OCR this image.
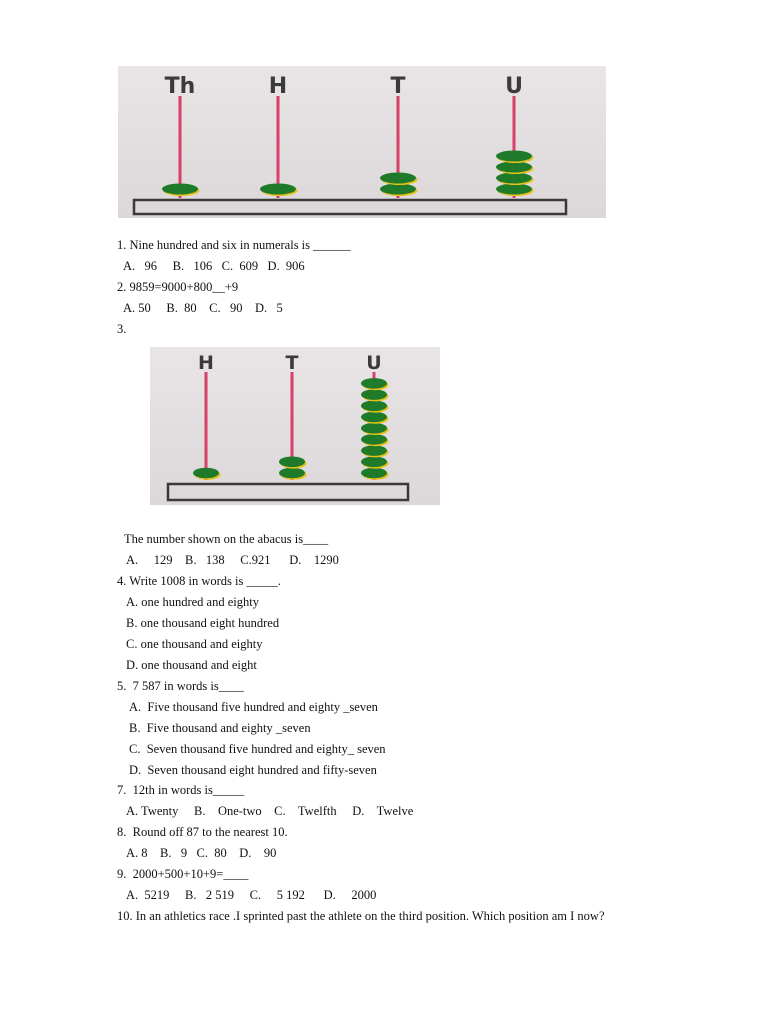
Th	H	T	U
1. Nine hundred and six in numerals is ______
A.   96     B.   106   C.  609   D.  906
2. 9859=9000+800__+9
A. 50     B.  80    C.   90    D.   5
3.
H	T	U
The number shown on the abacus is____
A.     129    B.   138     C.921      D.    1290
4. Write 1008 in words is _____.
A. one hundred and eighty
B. one thousand eight hundred
C. one thousand and eighty
D. one thousand and eight
5.  7 587 in words is____
A.  Five thousand five hundred and eighty _seven
B.  Five thousand and eighty _seven
C.  Seven thousand five hundred and eighty_ seven
D.  Seven thousand eight hundred and fifty-seven
7.  12th in words is_____
A. Twenty     B.    One-two    C.    Twelfth     D.    Twelve
8.  Round off 87 to the nearest 10.
A. 8    B.   9   C.  80    D.    90
9.  2000+500+10+9=____
A.  5219     B.   2 519     C.     5 192      D.     2000
10. In an athletics race .I sprinted past the athlete on the third position. Which position am I now?
